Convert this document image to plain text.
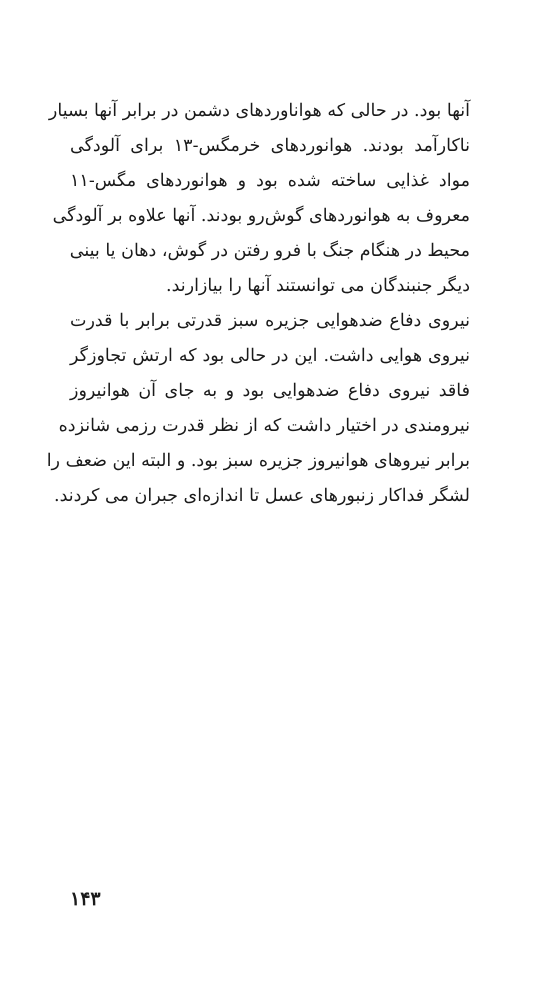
آنها بود. در حالی که هواناوردهای دشمن در برابر آنها بسیار
ناکارآمد بودند. هوانوردهای خرمگس-۱۳ برای آلودگی
مواد غذایی ساخته شده بود و هوانوردهای مگس-۱۱
معروف به هوانوردهای گوش‌رو بودند. آنها علاوه بر آلودگی
محیط در هنگام جنگ با فرو رفتن در گوش، دهان یا بینی
دیگر جنبندگان می توانستند آنها را بیازارند.
نیروی دفاع ضدهوایی جزیره سبز قدرتی برابر با قدرت
نیروی هوایی داشت. این در حالی بود که ارتش تجاوزگر
فاقد نیروی دفاع ضدهوایی بود و به جای آن هوانیروز
نیرومندی در اختیار داشت که از نظر قدرت رزمی شانزده
برابر نیروهای هوانیروز جزیره سبز بود. و البته این ضعف را
لشگر فداکار زنبورهای عسل تا اندازه‌ای جبران می کردند.
۱۴۳
